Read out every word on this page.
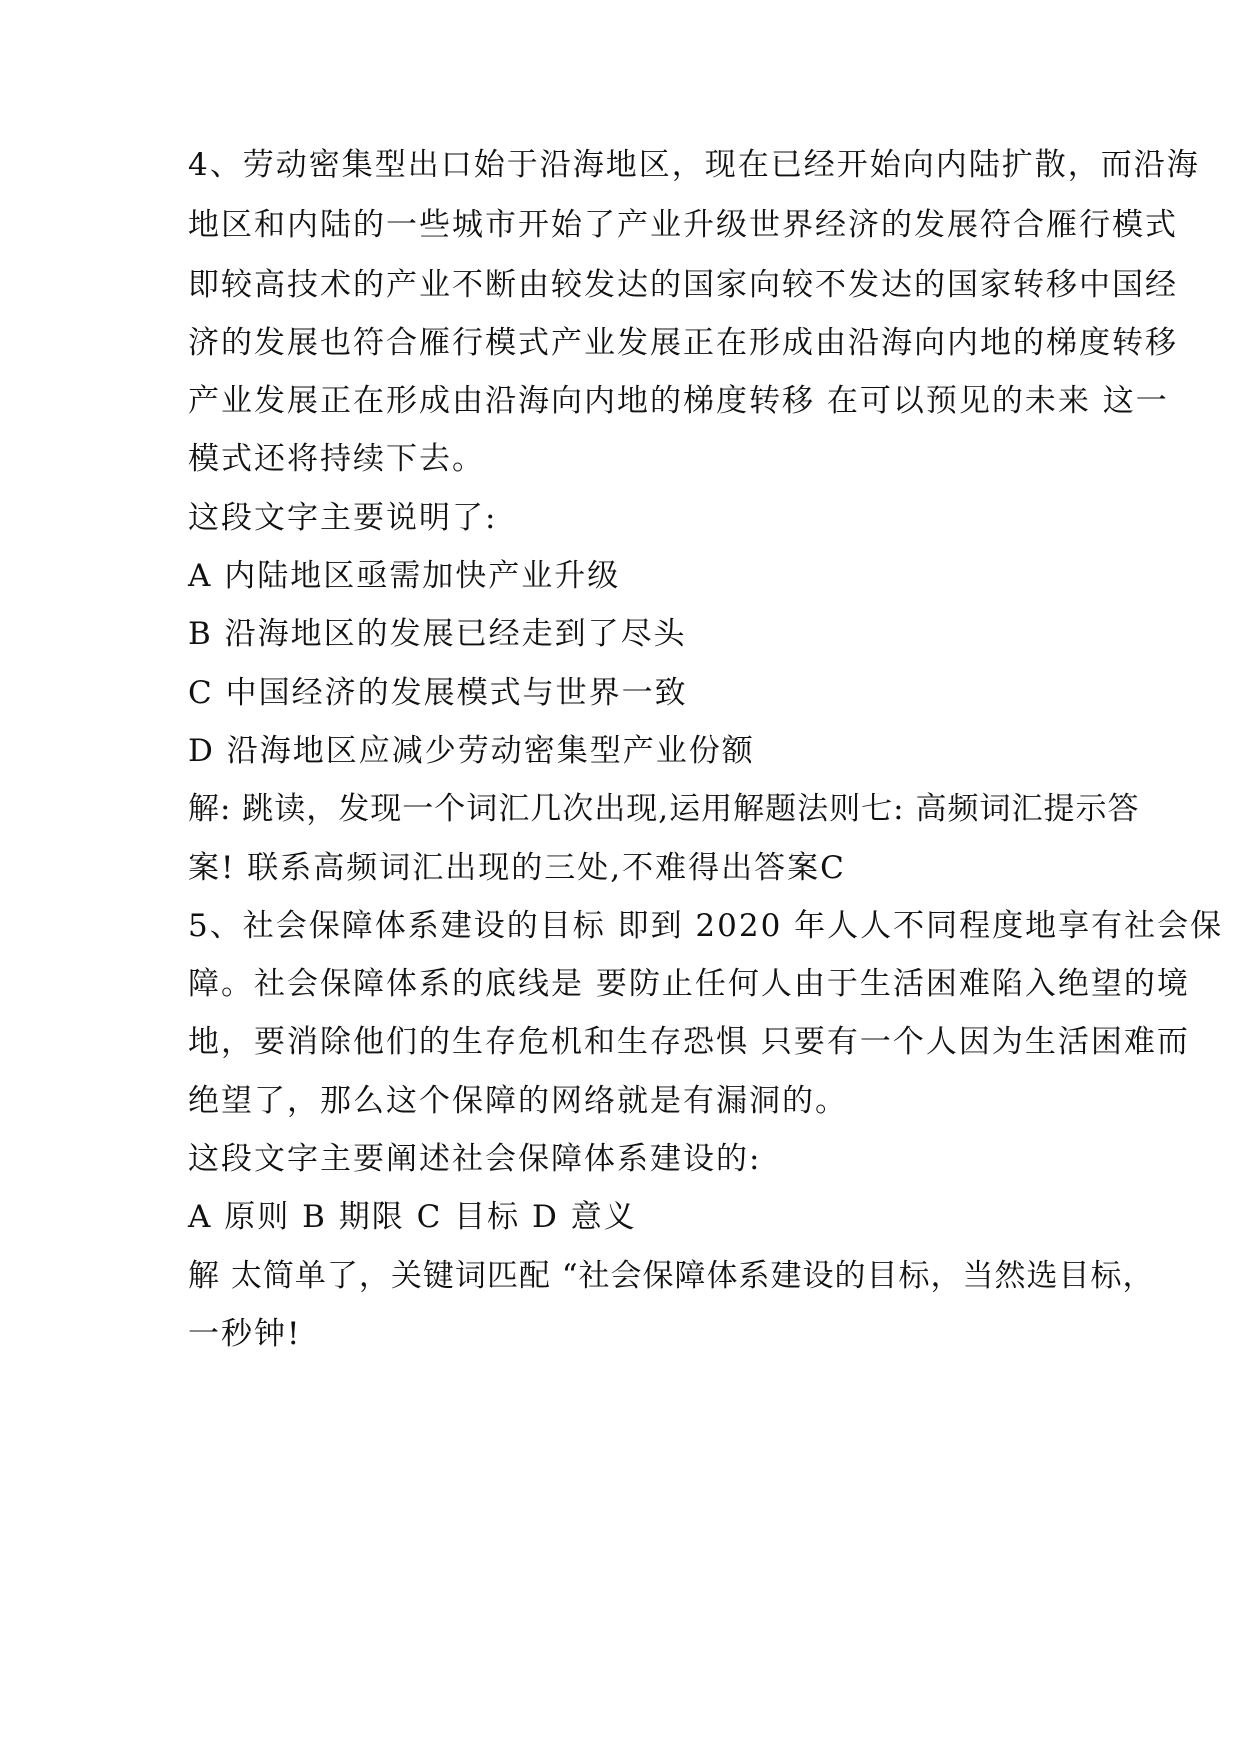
4、劳动密集型出口始于沿海地区，现在已经开始向内陆扩散，而沿海
地区和内陆的一些城市开始了产业升级世界经济的发展符合雁行模式
即较高技术的产业不断由较发达的国家向较不发达的国家转移中国经
济的发展也符合雁行模式产业发展正在形成由沿海向内地的梯度转移
产业发展正在形成由沿海向内地的梯度转移 在可以预见的未来 这一
模式还将持续下去。
这段文字主要说明了:
A 内陆地区亟需加快产业升级
B 沿海地区的发展已经走到了尽头
C 中国经济的发展模式与世界一致
D 沿海地区应减少劳动密集型产业份额
解: 跳读，发现一个词汇几次出现,运用解题法则七: 高频词汇提示答
案! 联系高频词汇出现的三处,不难得出答案C
5、社会保障体系建设的目标 即到 2020 年人人不同程度地享有社会保
障。社会保障体系的底线是 要防止任何人由于生活困难陷入绝望的境
地，要消除他们的生存危机和生存恐惧 只要有一个人因为生活困难而
绝望了，那么这个保障的网络就是有漏洞的。
这段文字主要阐述社会保障体系建设的:
A 原则 B 期限 C 目标 D 意义
解 太简单了，关键词匹配 “社会保障体系建设的目标，当然选目标，
一秒钟!
